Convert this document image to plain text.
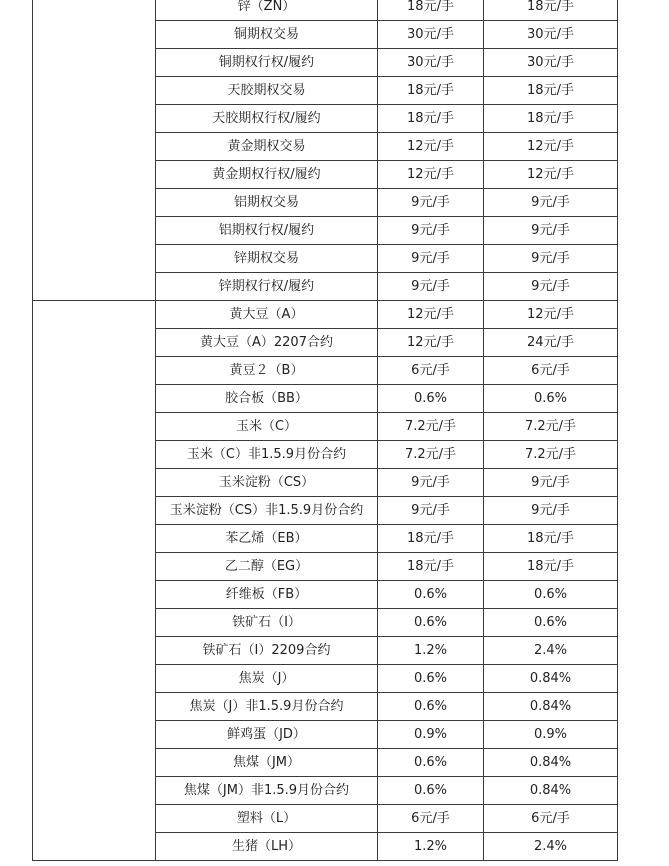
	锌（ZN）	18元/手	18元/手
	铜期权交易	30元/手	30元/手
	铜期权行权/履约	30元/手	30元/手
	天胶期权交易	18元/手	18元/手
	天胶期权行权/履约	18元/手	18元/手
	黄金期权交易	12元/手	12元/手
	黄金期权行权/履约	12元/手	12元/手
	铝期权交易	9元/手	9元/手
	铝期权行权/履约	9元/手	9元/手
	锌期权交易	9元/手	9元/手
	锌期权行权/履约	9元/手	9元/手
	黄大豆（A）	12元/手	12元/手
	黄大豆（A）2207合约	12元/手	24元/手
	黄豆２（B）	6元/手	6元/手
	胶合板（BB）	0.6%	0.6%
	玉米（C）	7.2元/手	7.2元/手
	玉米（C）非1.5.9月份合约	7.2元/手	7.2元/手
	玉米淀粉（CS）	9元/手	9元/手
	玉米淀粉（CS）非1.5.9月份合约	9元/手	9元/手
	苯乙烯（EB）	18元/手	18元/手
	乙二醇（EG）	18元/手	18元/手
	纤维板（FB）	0.6%	0.6%
	铁矿石（I）	0.6%	0.6%
	铁矿石（I）2209合约	1.2%	2.4%
	焦炭（J）	0.6%	0.84%
	焦炭（J）非1.5.9月份合约	0.6%	0.84%
	鲜鸡蛋（JD）	0.9%	0.9%
	焦煤（JM）	0.6%	0.84%
	焦煤（JM）非1.5.9月份合约	0.6%	0.84%
	塑料（L）	6元/手	6元/手
	生猪（LH）	1.2%	2.4%
